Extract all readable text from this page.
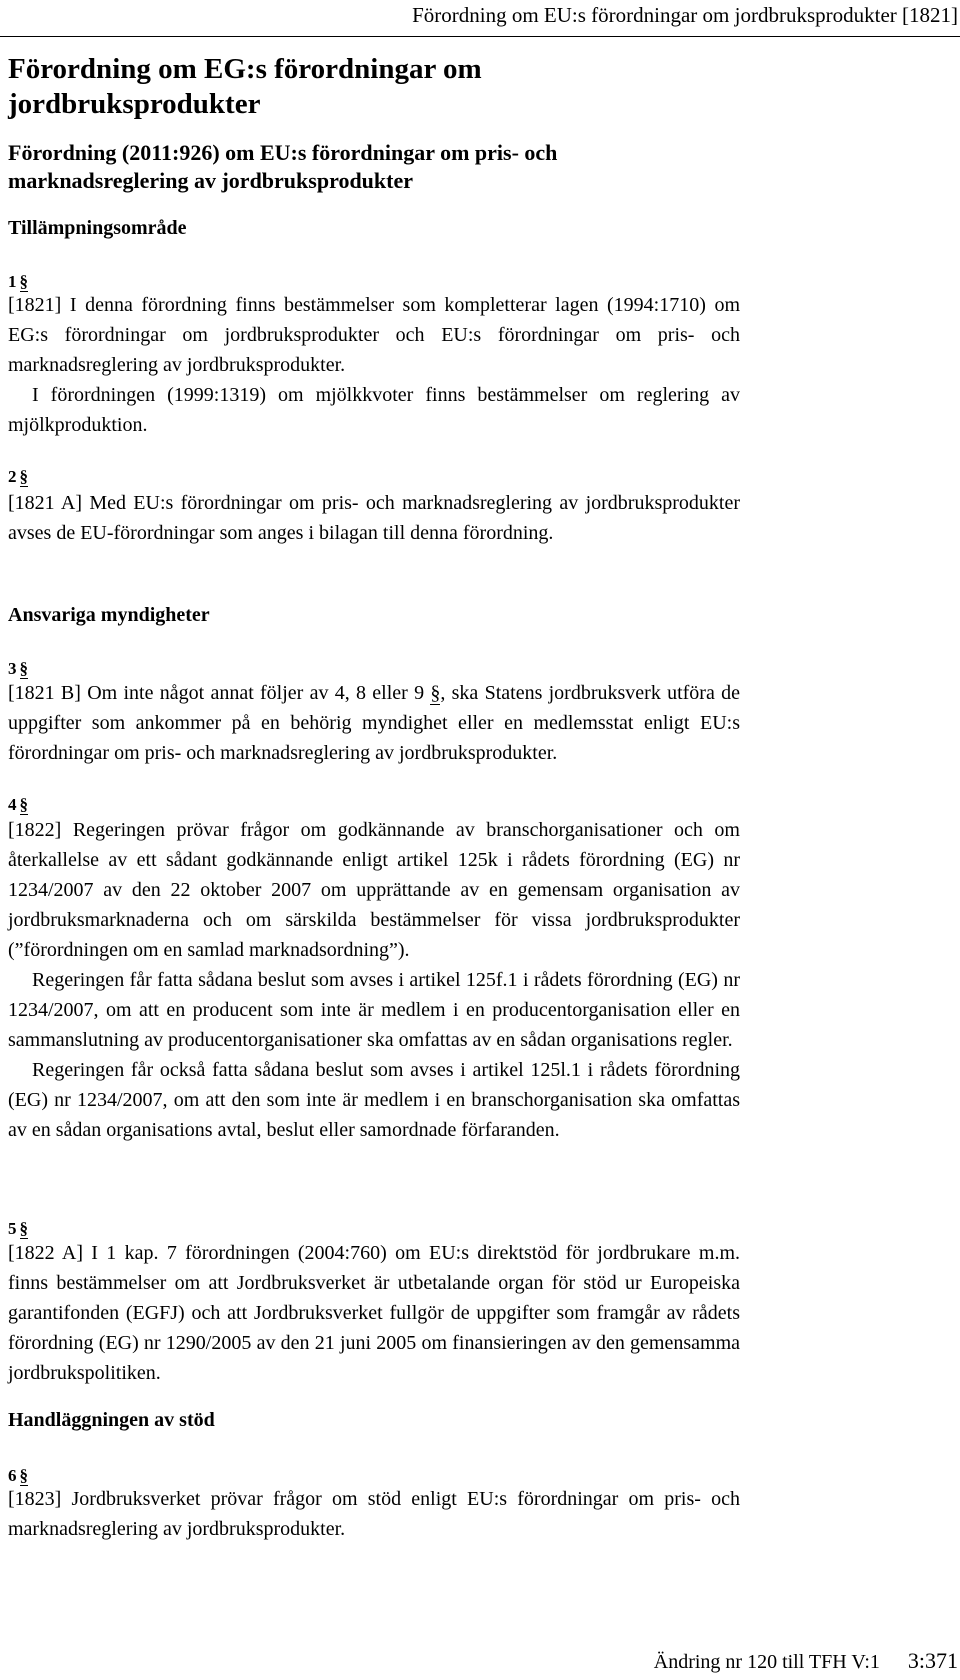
Förordning om EU:s förordningar om jordbruksprodukter [1821]
Förordning om EG:s förordningar om jordbruksprodukter
Förordning (2011:926) om EU:s förordningar om pris- och marknadsreglering av jordbruksprodukter
Tillämpningsområde
1 §

[1821] I denna förordning finns bestämmelser som kompletterar lagen (1994:1710) om EG:s förordningar om jordbruksprodukter och EU:s förordningar om pris- och marknadsreglering av jordbruksprodukter.

I förordningen (1999:1319) om mjölkkvoter finns bestämmelser om reglering av mjölkproduktion.

2 §

[1821 A] Med EU:s förordningar om pris- och marknadsreglering av jordbruksprodukter avses de EU-förordningar som anges i bilagan till denna förordning.

Ansvariga myndigheter
3 §

[1821 B] Om inte något annat följer av 4, 8 eller 9 §, ska Statens jordbruksverk utföra de uppgifter som ankommer på en behörig myndighet eller en medlemsstat enligt EU:s förordningar om pris- och marknadsreglering av jordbruksprodukter.

4 §

[1822] Regeringen prövar frågor om godkännande av branschorganisationer och om återkallelse av ett sådant godkännande enligt artikel 125k i rådets förordning (EG) nr 1234/2007 av den 22 oktober 2007 om upprättande av en gemensam organisation av jordbruksmarknaderna och om särskilda bestämmelser för vissa jordbruksprodukter (”förordningen om en samlad marknadsordning”).

Regeringen får fatta sådana beslut som avses i artikel 125f.1 i rådets förordning (EG) nr 1234/2007, om att en producent som inte är medlem i en producentorganisation eller en sammanslutning av producentorganisationer ska omfattas av en sådan organisations regler.

Regeringen får också fatta sådana beslut som avses i artikel 125l.1 i rådets förordning (EG) nr 1234/2007, om att den som inte är medlem i en branschorganisation ska omfattas av en sådan organisations avtal, beslut eller samordnade förfaranden.

5 §

[1822 A] I 1 kap. 7 förordningen (2004:760) om EU:s direktstöd för jordbrukare m.m. finns bestämmelser om att Jordbruksverket är utbetalande organ för stöd ur Europeiska garantifonden (EGFJ) och att Jordbruksverket fullgör de uppgifter som framgår av rådets förordning (EG) nr 1290/2005 av den 21 juni 2005 om finansieringen av den gemensamma jordbrukspolitiken.

Handläggningen av stöd
6 §

[1823] Jordbruksverket prövar frågor om stöd enligt EU:s förordningar om pris- och marknadsreglering av jordbruksprodukter.

Ändring nr 120 till TFH V:1 3:371
